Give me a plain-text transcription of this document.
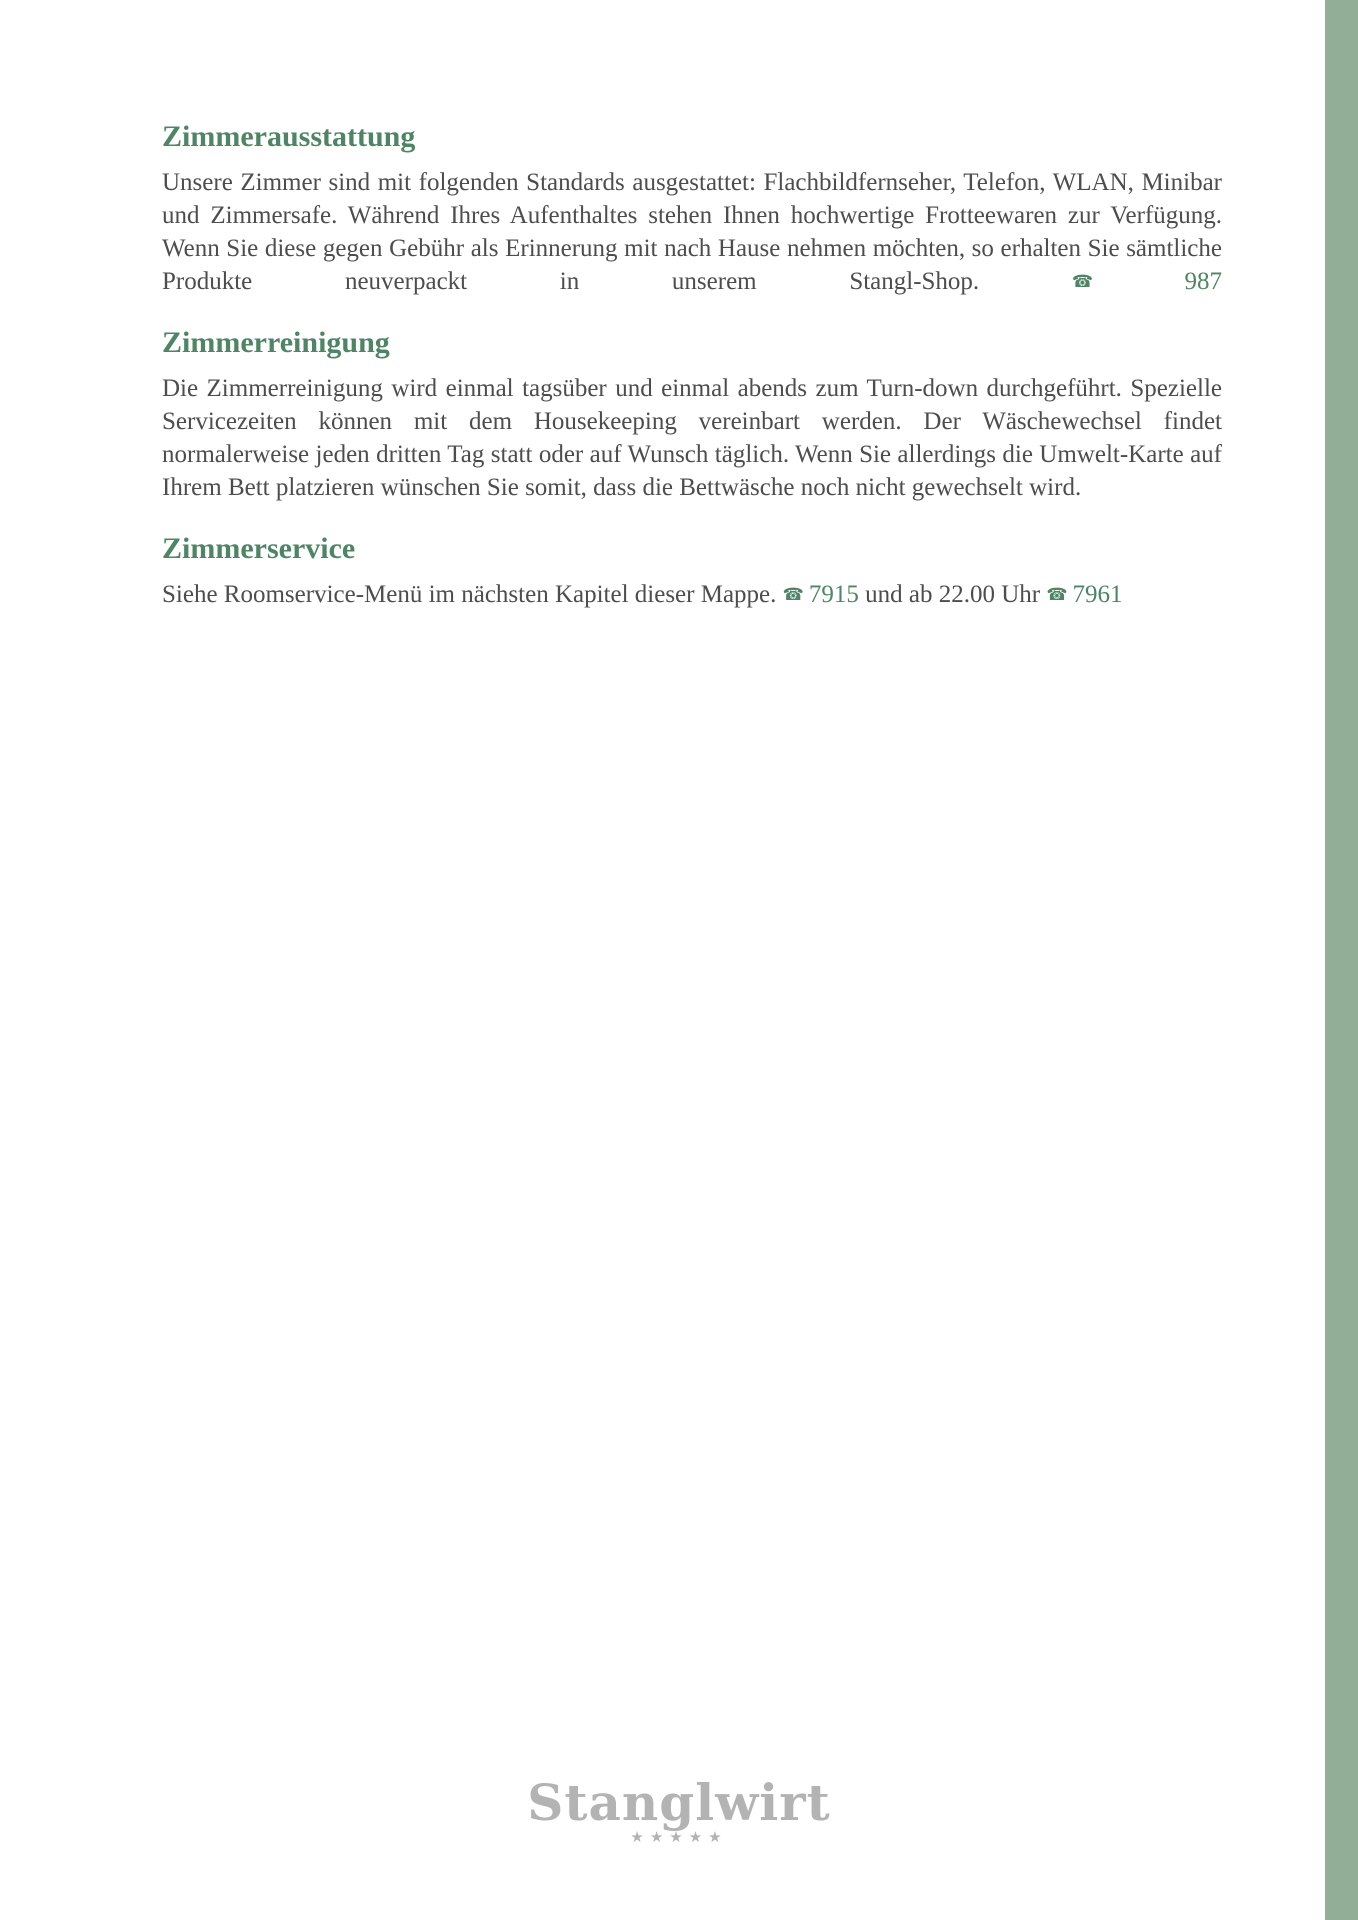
Zimmerausstattung

Unsere Zimmer sind mit folgenden Standards ausgestattet: Flachbildfernseher, Telefon, WLAN, Minibar und Zimmersafe. Während Ihres Aufenthaltes stehen Ihnen hochwertige Frotteewaren zur Verfügung. Wenn Sie diese gegen Gebühr als Erinnerung mit nach Hause nehmen möchten, so erhalten Sie sämtliche Produkte neuverpackt in unserem Stangl-Shop.	☎ 987

Zimmerreinigung

Die Zimmerreinigung wird einmal tagsüber und einmal abends zum Turn-down durchgeführt. Spezielle Servicezeiten können mit dem Housekeeping vereinbart werden. Der Wäschewechsel findet normalerweise jeden dritten Tag statt oder auf Wunsch täglich. Wenn Sie allerdings die Umwelt-Karte auf Ihrem Bett platzieren wünschen Sie somit, dass die Bettwäsche noch nicht gewechselt wird.

Zimmerservice

Siehe Roomservice-Menü im nächsten Kapitel dieser Mappe. ☎ 7915 und ab 22.00 Uhr ☎ 7961

Stanglwirt
★★★★★
